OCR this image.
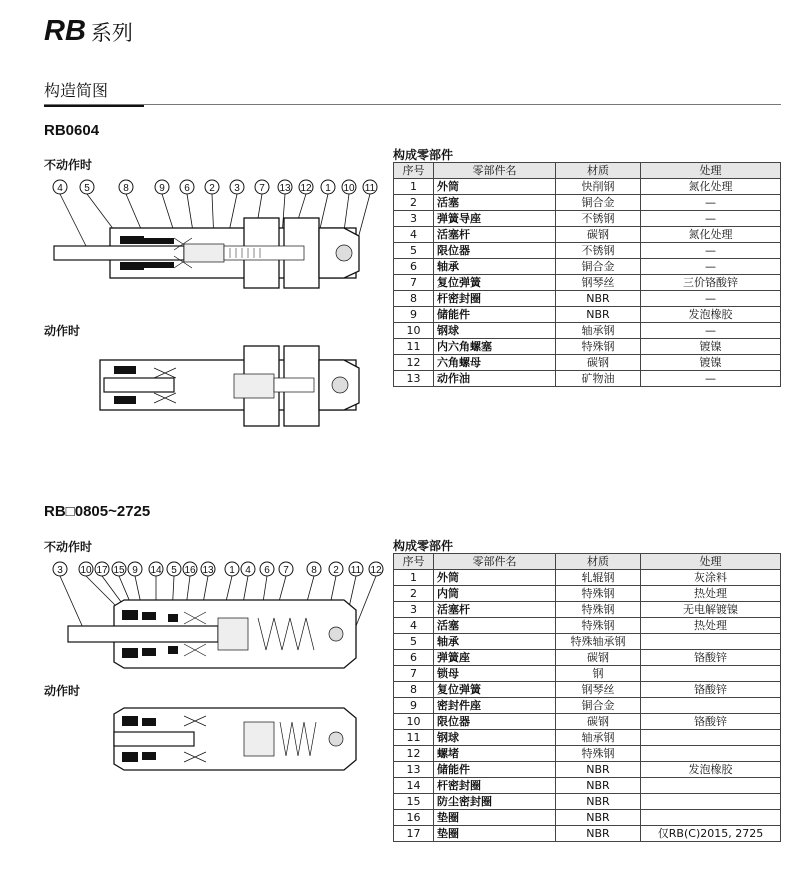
RB 系列
构造简图
RB0604
不动作时
4 5	8	9 6 2 3 7 13 12 1 10 11
动作时
构成零部件
序号	零部件名	材质	处理
1	外筒	快削钢	氮化处理
2	活塞	铜合金	—
3	弹簧导座	不锈钢	—
4	活塞杆	碳钢	氮化处理
5	限位器	不锈钢	—
6	轴承	铜合金	—
7	复位弹簧	钢琴丝	三价铬酸锌
8	杆密封圈	NBR	—
9	储能件	NBR	发泡橡胶
10	钢球	轴承钢	—
11	内六角螺塞	特殊钢	镀镍
12	六角螺母	碳钢	镀镍
13	动作油	矿物油	—
RB□0805~2725
不动作时
3 10 17 15 9 14 5 16 13 1 4 6 7 8 2 11 12
动作时
构成零部件
序号	零部件名	材质	处理
1	外筒	轧辊钢	灰涂料
2	内筒	特殊钢	热处理
3	活塞杆	特殊钢	无电解镀镍
4	活塞	特殊钢	热处理
5	轴承	特殊轴承钢	
6	弹簧座	碳钢	铬酸锌
7	锁母	钢	
8	复位弹簧	钢琴丝	铬酸锌
9	密封件座	铜合金	
10	限位器	碳钢	铬酸锌
11	钢球	轴承钢	
12	螺堵	特殊钢	
13	储能件	NBR	发泡橡胶
14	杆密封圈	NBR	
15	防尘密封圈	NBR	
16	垫圈	NBR	
17	垫圈	NBR	仅RB(C)2015, 2725
